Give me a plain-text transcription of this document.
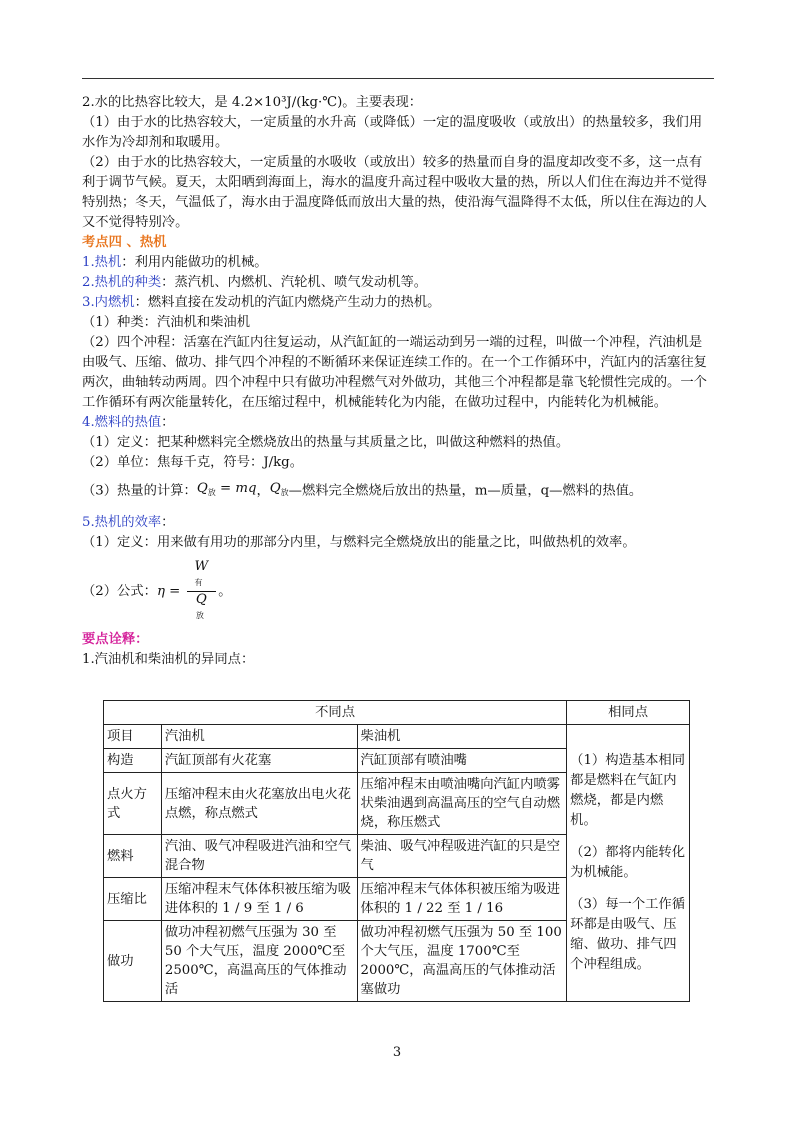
2.水的比热容比较大，是 4.2×10³J/(kg·℃)。主要表现：

（1）由于水的比热容较大，一定质量的水升高（或降低）一定的温度吸收（或放出）的热量较多，我们用水作为冷却剂和取暖用。

（2）由于水的比热容较大，一定质量的水吸收（或放出）较多的热量而自身的温度却改变不多，这一点有利于调节气候。夏天，太阳晒到海面上，海水的温度升高过程中吸收大量的热，所以人们住在海边并不觉得特别热；冬天，气温低了，海水由于温度降低而放出大量的热，使沿海气温降得不太低，所以住在海边的人又不觉得特别冷。

考点四 、热机

1.热机：利用内能做功的机械。

2.热机的种类：蒸汽机、内燃机、汽轮机、喷气发动机等。

3.内燃机：燃料直接在发动机的汽缸内燃烧产生动力的热机。

（1）种类：汽油机和柴油机

（2）四个冲程：活塞在汽缸内往复运动，从汽缸缸的一端运动到另一端的过程，叫做一个冲程，汽油机是由吸气、压缩、做功、排气四个冲程的不断循环来保证连续工作的。在一个工作循环中，汽缸内的活塞往复两次，曲轴转动两周。四个冲程中只有做功冲程燃气对外做功，其他三个冲程都是靠飞轮惯性完成的。一个工作循环有两次能量转化，在压缩过程中，机械能转化为内能，在做功过程中，内能转化为机械能。

4.燃料的热值：

（1）定义：把某种燃料完全燃烧放出的热量与其质量之比，叫做这种燃料的热值。

（2）单位：焦每千克，符号：J/kg。

（3）热量的计算：$Q_放$ = mq，$Q_放—$燃料完全燃烧后放出的热量，m—质量，q—燃料的热值。

5.热机的效率：

（1）定义：用来做有用功的那部分内里，与燃料完全燃烧放出的能量之比，叫做热机的效率。

（2）公式：η = W
有
Q
放 。

要点诠释：

1.汽油机和柴油机的异同点：

不同点			相同点
项目	汽油机	柴油机	（1）构造基本相同都是燃料在气缸内燃烧，都是内燃机。
（2）都将内能转化为机械能。
（3）每一个工作循环都是由吸气、压缩、做功、排气四个冲程组成。

构造	汽缸顶部有火花塞	汽缸顶部有喷油嘴	
点火方式	压缩冲程末由火花塞放出电火花点燃，称点燃式	压缩冲程末由喷油嘴向汽缸内喷雾状柴油遇到高温高压的空气自动燃烧，称压燃式	
燃料	汽油、吸气冲程吸进汽油和空气混合物	柴油、吸气冲程吸进汽缸的只是空气	
压缩比	压缩冲程末气体体积被压缩为吸进体积的 1 / 9 至 1 / 6	压缩冲程末气体体积被压缩为吸进体积的 1 / 22 至 1 / 16	
做功	做功冲程初燃气压强为 30 至 50 个大气压，温度 2000℃至 2500℃，高温高压的气体推动活	做功冲程初燃气压强为 50 至 100 个大气压，温度 1700℃至 2000℃，高温高压的气体推动活塞做功	
3
